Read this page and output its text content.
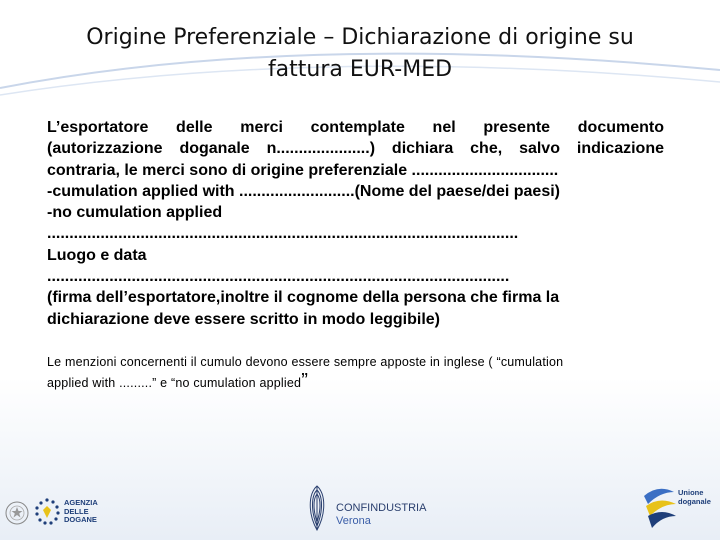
Origine Preferenziale – Dichiarazione di origine su
fattura EUR-MED

L’esportatore delle merci contemplate nel presente documento

(autorizzazione doganale n.....................) dichiara che, salvo indicazione

contraria, le merci sono di origine preferenziale .................................

-cumulation applied with ..........................(Nome del paese/dei paesi)

-no cumulation applied

..........................................................................................................

Luogo e data

........................................................................................................

(firma dell’esportatore,inoltre il cognome della persona che firma la

dichiarazione deve essere scritto in modo leggibile)

Le menzioni concernenti il cumulo devono essere sempre apposte in inglese ( “cumulation

applied with .........” e “no cumulation applied”

AGENZIA
DELLE
DOGANE
CONFINDUSTRIA
Verona
Unione
doganale
